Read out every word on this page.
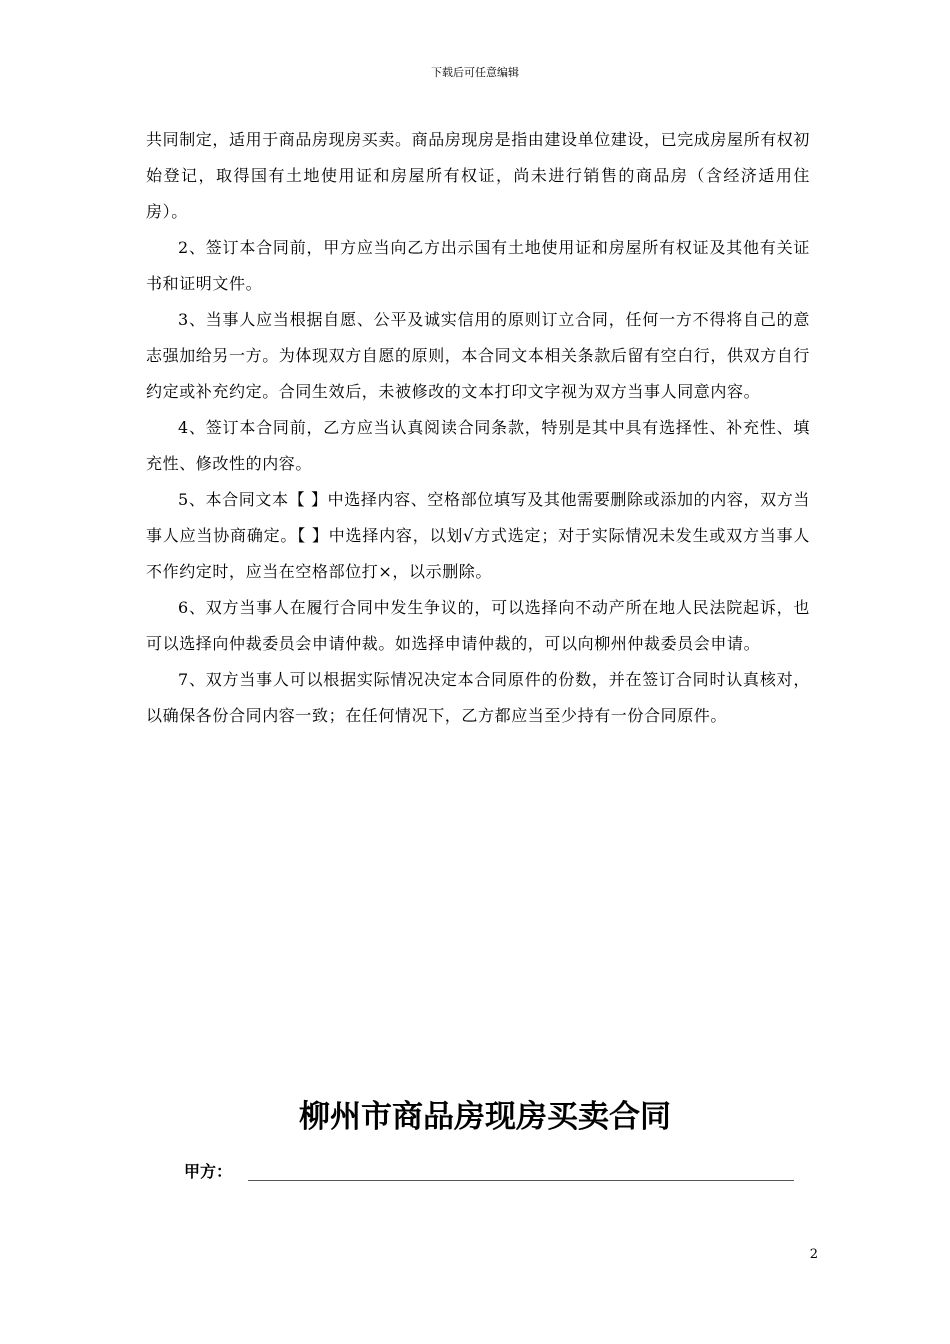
下载后可任意编辑

共同制定，适用于商品房现房买卖。商品房现房是指由建设单位建设，已完成房屋所有权初始登记，取得国有土地使用证和房屋所有权证，尚未进行销售的商品房（含经济适用住房）。

2、签订本合同前，甲方应当向乙方出示国有土地使用证和房屋所有权证及其他有关证书和证明文件。

3、当事人应当根据自愿、公平及诚实信用的原则订立合同，任何一方不得将自己的意志强加给另一方。为体现双方自愿的原则，本合同文本相关条款后留有空白行，供双方自行约定或补充约定。合同生效后，未被修改的文本打印文字视为双方当事人同意内容。

4、签订本合同前，乙方应当认真阅读合同条款，特别是其中具有选择性、补充性、填充性、修改性的内容。

5、本合同文本【 】中选择内容、空格部位填写及其他需要删除或添加的内容，双方当事人应当协商确定。【 】中选择内容，以划√方式选定；对于实际情况未发生或双方当事人不作约定时，应当在空格部位打×，以示删除。

6、双方当事人在履行合同中发生争议的，可以选择向不动产所在地人民法院起诉，也可以选择向仲裁委员会申请仲裁。如选择申请仲裁的，可以向柳州仲裁委员会申请。

7、双方当事人可以根据实际情况决定本合同原件的份数，并在签订合同时认真核对，以确保各份合同内容一致；在任何情况下，乙方都应当至少持有一份合同原件。

柳州市商品房现房买卖合同
甲方：
2
